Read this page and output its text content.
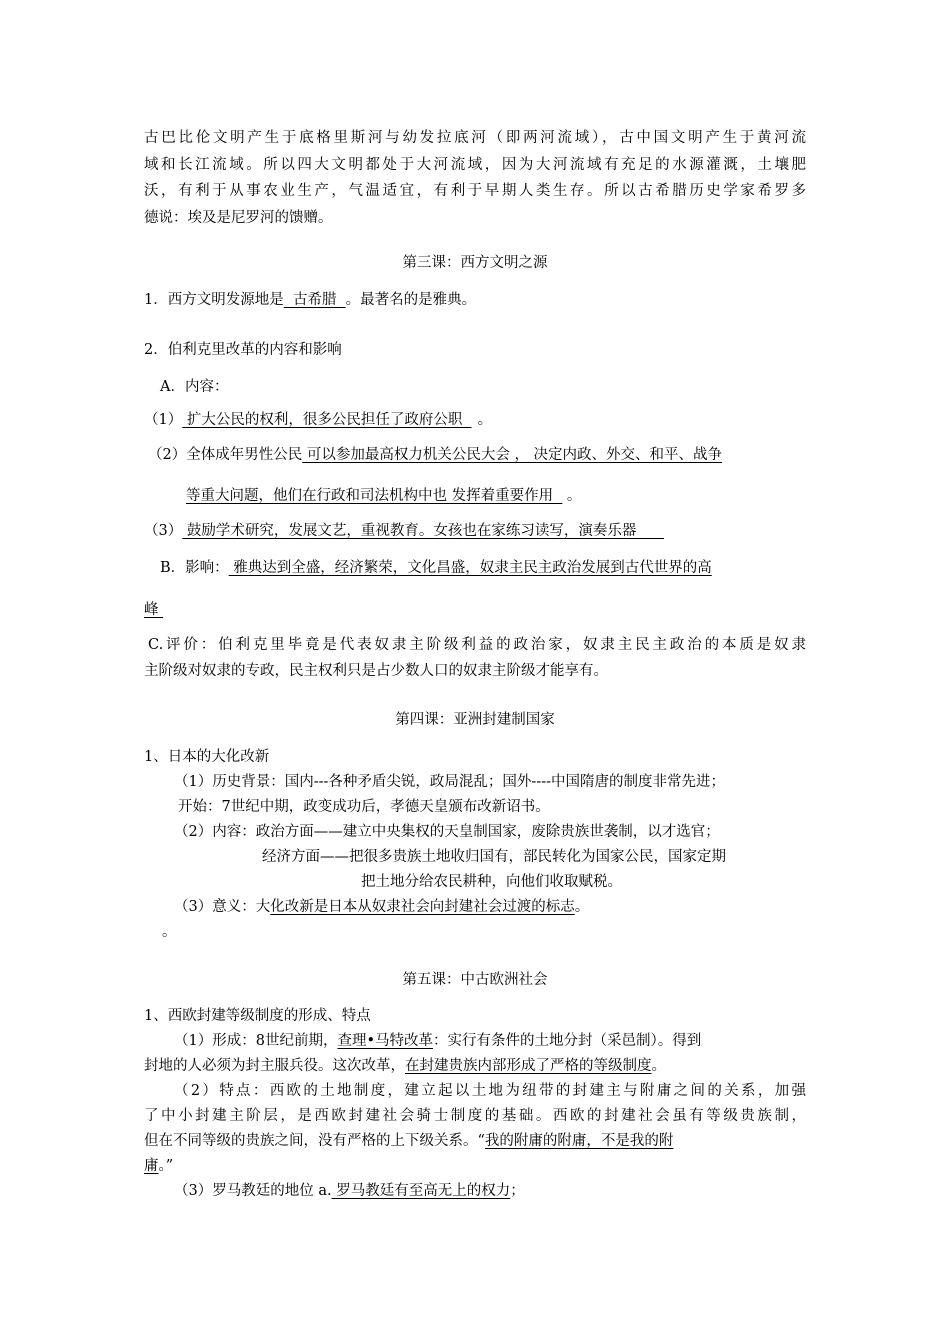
古巴比伦文明产生于底格里斯河与幼发拉底河（即两河流域），古中国文明产生于黄河流
域和长江流域。所以四大文明都处于大河流域，因为大河流域有充足的水源灌溉，土壤肥
沃，有利于从事农业生产，气温适宜，有利于早期人类生存。所以古希腊历史学家希罗多
德说：埃及是尼罗河的馈赠。
第三课：西方文明之源
1．西方文明发源地是  古希腊  。最著名的是雅典。
2．伯利克里改革的内容和影响
A．内容：
（1） 扩大公民的权利，很多公民担任了政府公职  。
（2）全体成年男性公民 可以参加最高权力机关公民大会 ， 决定内政、外交、和平、战争
等重大问题，他们在行政和司法机构中也 发挥着重要作用   。
（3） 鼓励学术研究，发展文艺，重视教育。女孩也在家练习读写，演奏乐器
B．影响： 雅典达到全盛，经济繁荣，文化昌盛，奴隶主民主政治发展到古代世界的高
峰
C.评价：伯利克里毕竟是代表奴隶主阶级利益的政治家，奴隶主民主政治的本质是奴隶
主阶级对奴隶的专政，民主权利只是占少数人口的奴隶主阶级才能享有。
第四课：亚洲封建制国家
1、日本的大化改新
（1）历史背景：国内---各种矛盾尖锐，政局混乱；国外----中国隋唐的制度非常先进；
开始：7世纪中期，政变成功后，孝德天皇颁布改新诏书。
（2）内容：政治方面——建立中央集权的天皇制国家，废除贵族世袭制，以才选官；
经济方面——把很多贵族土地收归国有，部民转化为国家公民，国家定期
把土地分给农民耕种，向他们收取赋税。
（3）意义：大化改新是日本从奴隶社会向封建社会过渡的标志。
。
第五课：中古欧洲社会
1、西欧封建等级制度的形成、特点
（1）形成：8世纪前期，查理•马特改革：实行有条件的土地分封（采邑制）。得到
封地的人必须为封主服兵役。这次改革，在封建贵族内部形成了严格的等级制度。
（2）特点：西欧的土地制度，建立起以土地为纽带的封建主与附庸之间的关系，加强
了中小封建主阶层，是西欧封建社会骑士制度的基础。西欧的封建社会虽有等级贵族制，
但在不同等级的贵族之间，没有严格的上下级关系。“我的附庸的附庸，不是我的附
庸。”
（3）罗马教廷的地位 a. 罗马教廷有至高无上的权力；
